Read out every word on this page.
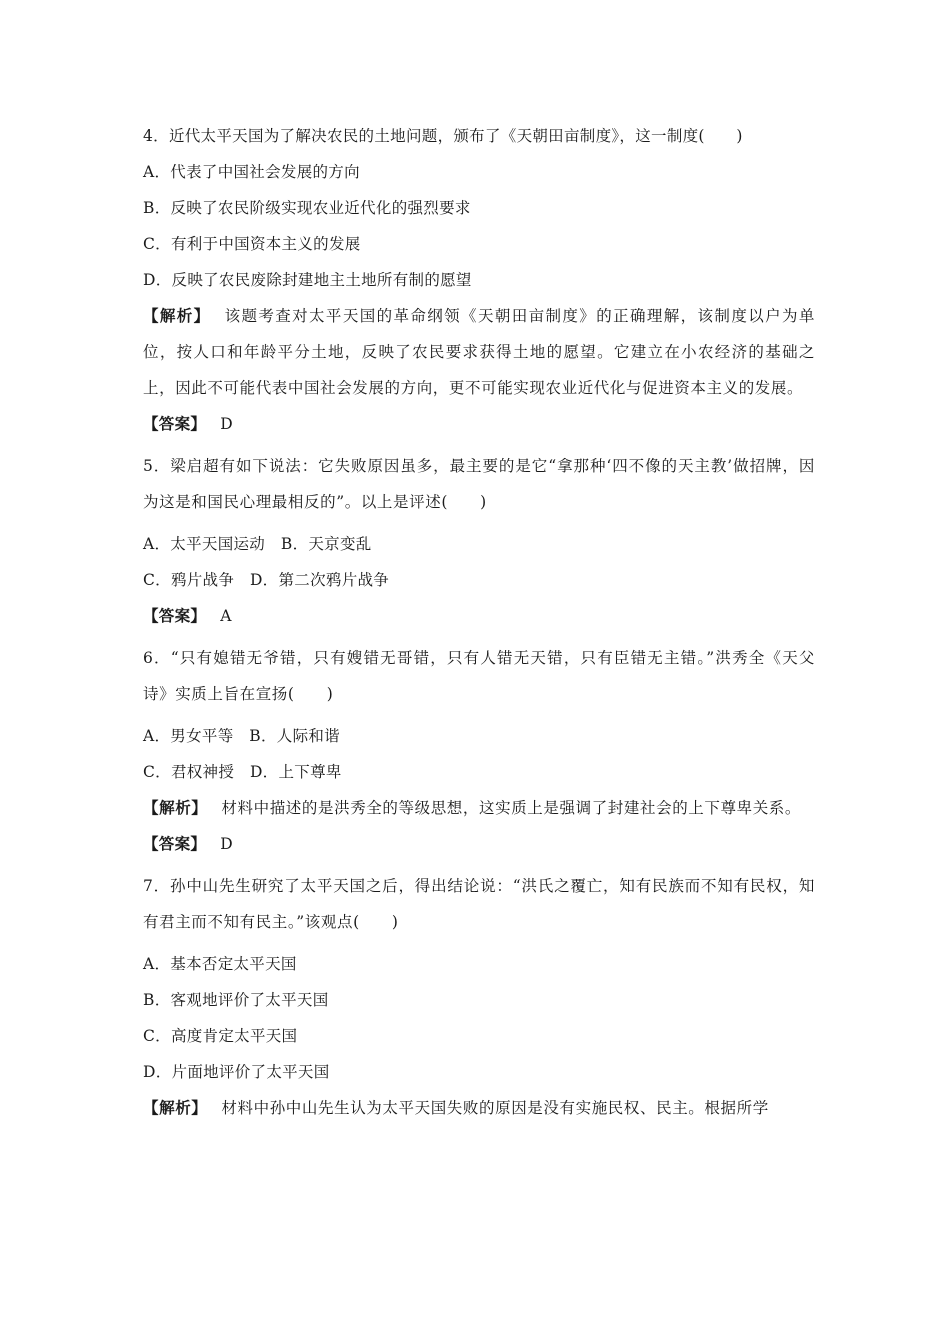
4．近代太平天国为了解决农民的土地问题，颁布了《天朝田亩制度》，这一制度(　　)
A．代表了中国社会发展的方向
B．反映了农民阶级实现农业近代化的强烈要求
C．有利于中国资本主义的发展
D．反映了农民废除封建地主土地所有制的愿望
【解析】 该题考查对太平天国的革命纲领《天朝田亩制度》的正确理解，该制度以户为单位，按人口和年龄平分土地，反映了农民要求获得土地的愿望。它建立在小农经济的基础之上，因此不可能代表中国社会发展的方向，更不可能实现农业近代化与促进资本主义的发展。
【答案】 D
5．梁启超有如下说法：它失败原因虽多，最主要的是它“拿那种‘四不像的天主教’做招牌，因为这是和国民心理最相反的”。以上是评述(　　)
A．太平天国运动　B．天京变乱
C．鸦片战争　D．第二次鸦片战争
【答案】 A
6．“只有媳错无爷错，只有嫂错无哥错，只有人错无天错，只有臣错无主错。”洪秀全《天父诗》实质上旨在宣扬(　　)
A．男女平等　B．人际和谐
C．君权神授　D．上下尊卑
【解析】 材料中描述的是洪秀全的等级思想，这实质上是强调了封建社会的上下尊卑关系。
【答案】 D
7．孙中山先生研究了太平天国之后，得出结论说：“洪氏之覆亡，知有民族而不知有民权，知有君主而不知有民主。”该观点(　　)
A．基本否定太平天国
B．客观地评价了太平天国
C．高度肯定太平天国
D．片面地评价了太平天国
【解析】 材料中孙中山先生认为太平天国失败的原因是没有实施民权、民主。根据所学
